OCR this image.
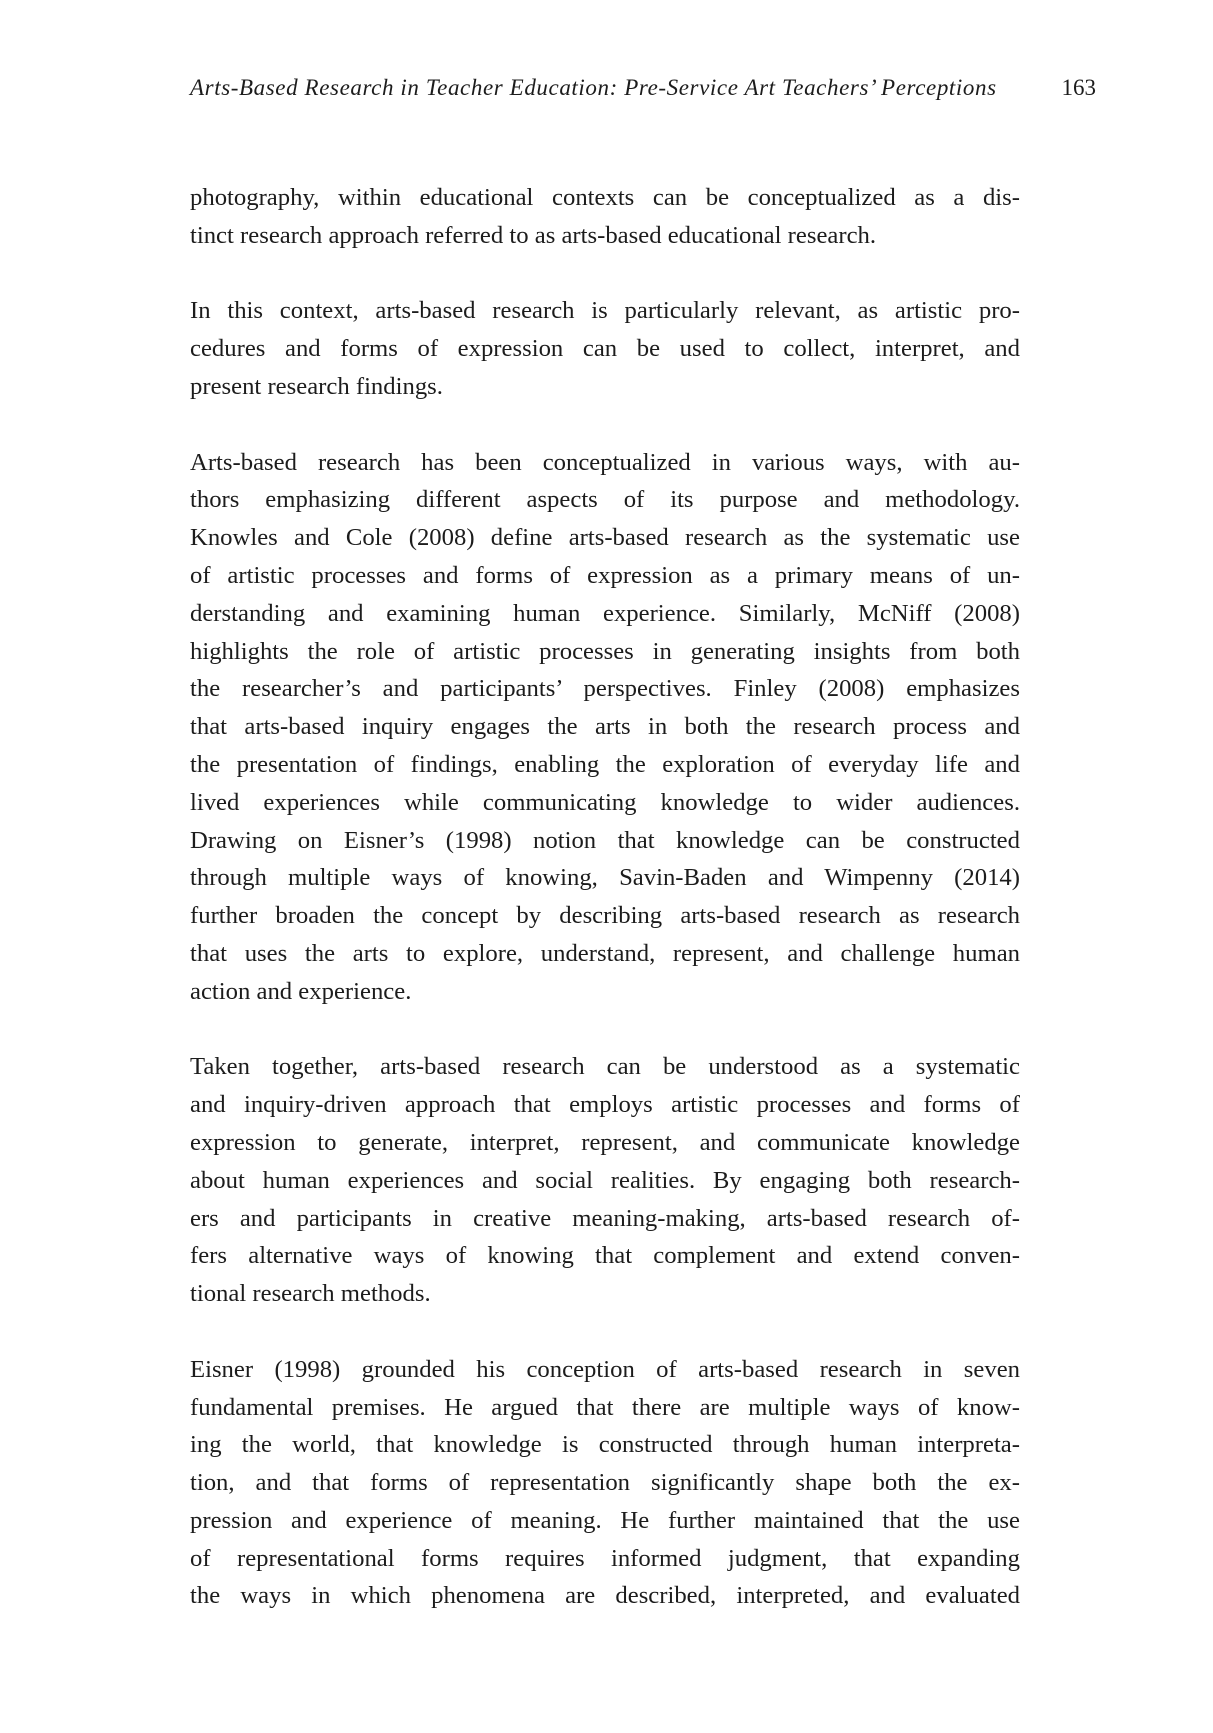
Arts-Based Research in Teacher Education: Pre-Service Art Teachers’ Perceptions	163
photography, within educational contexts can be conceptualized as a dis-
tinct research approach referred to as arts-based educational research.
In this context, arts-based research is particularly relevant, as artistic pro-
cedures and forms of expression can be used to collect, interpret, and
present research findings.
Arts-based research has been conceptualized in various ways, with au-
thors emphasizing different aspects of its purpose and methodology.
Knowles and Cole (2008) define arts-based research as the systematic use
of artistic processes and forms of expression as a primary means of un-
derstanding and examining human experience. Similarly, McNiff (2008)
highlights the role of artistic processes in generating insights from both
the researcher’s and participants’ perspectives. Finley (2008) emphasizes
that arts-based inquiry engages the arts in both the research process and
the presentation of findings, enabling the exploration of everyday life and
lived experiences while communicating knowledge to wider audiences.
Drawing on Eisner’s (1998) notion that knowledge can be constructed
through multiple ways of knowing, Savin-Baden and Wimpenny (2014)
further broaden the concept by describing arts-based research as research
that uses the arts to explore, understand, represent, and challenge human
action and experience.
Taken together, arts-based research can be understood as a systematic
and inquiry-driven approach that employs artistic processes and forms of
expression to generate, interpret, represent, and communicate knowledge
about human experiences and social realities. By engaging both research-
ers and participants in creative meaning-making, arts-based research of-
fers alternative ways of knowing that complement and extend conven-
tional research methods.
Eisner (1998) grounded his conception of arts-based research in seven
fundamental premises. He argued that there are multiple ways of know-
ing the world, that knowledge is constructed through human interpreta-
tion, and that forms of representation significantly shape both the ex-
pression and experience of meaning. He further maintained that the use
of representational forms requires informed judgment, that expanding
the ways in which phenomena are described, interpreted, and evaluated
